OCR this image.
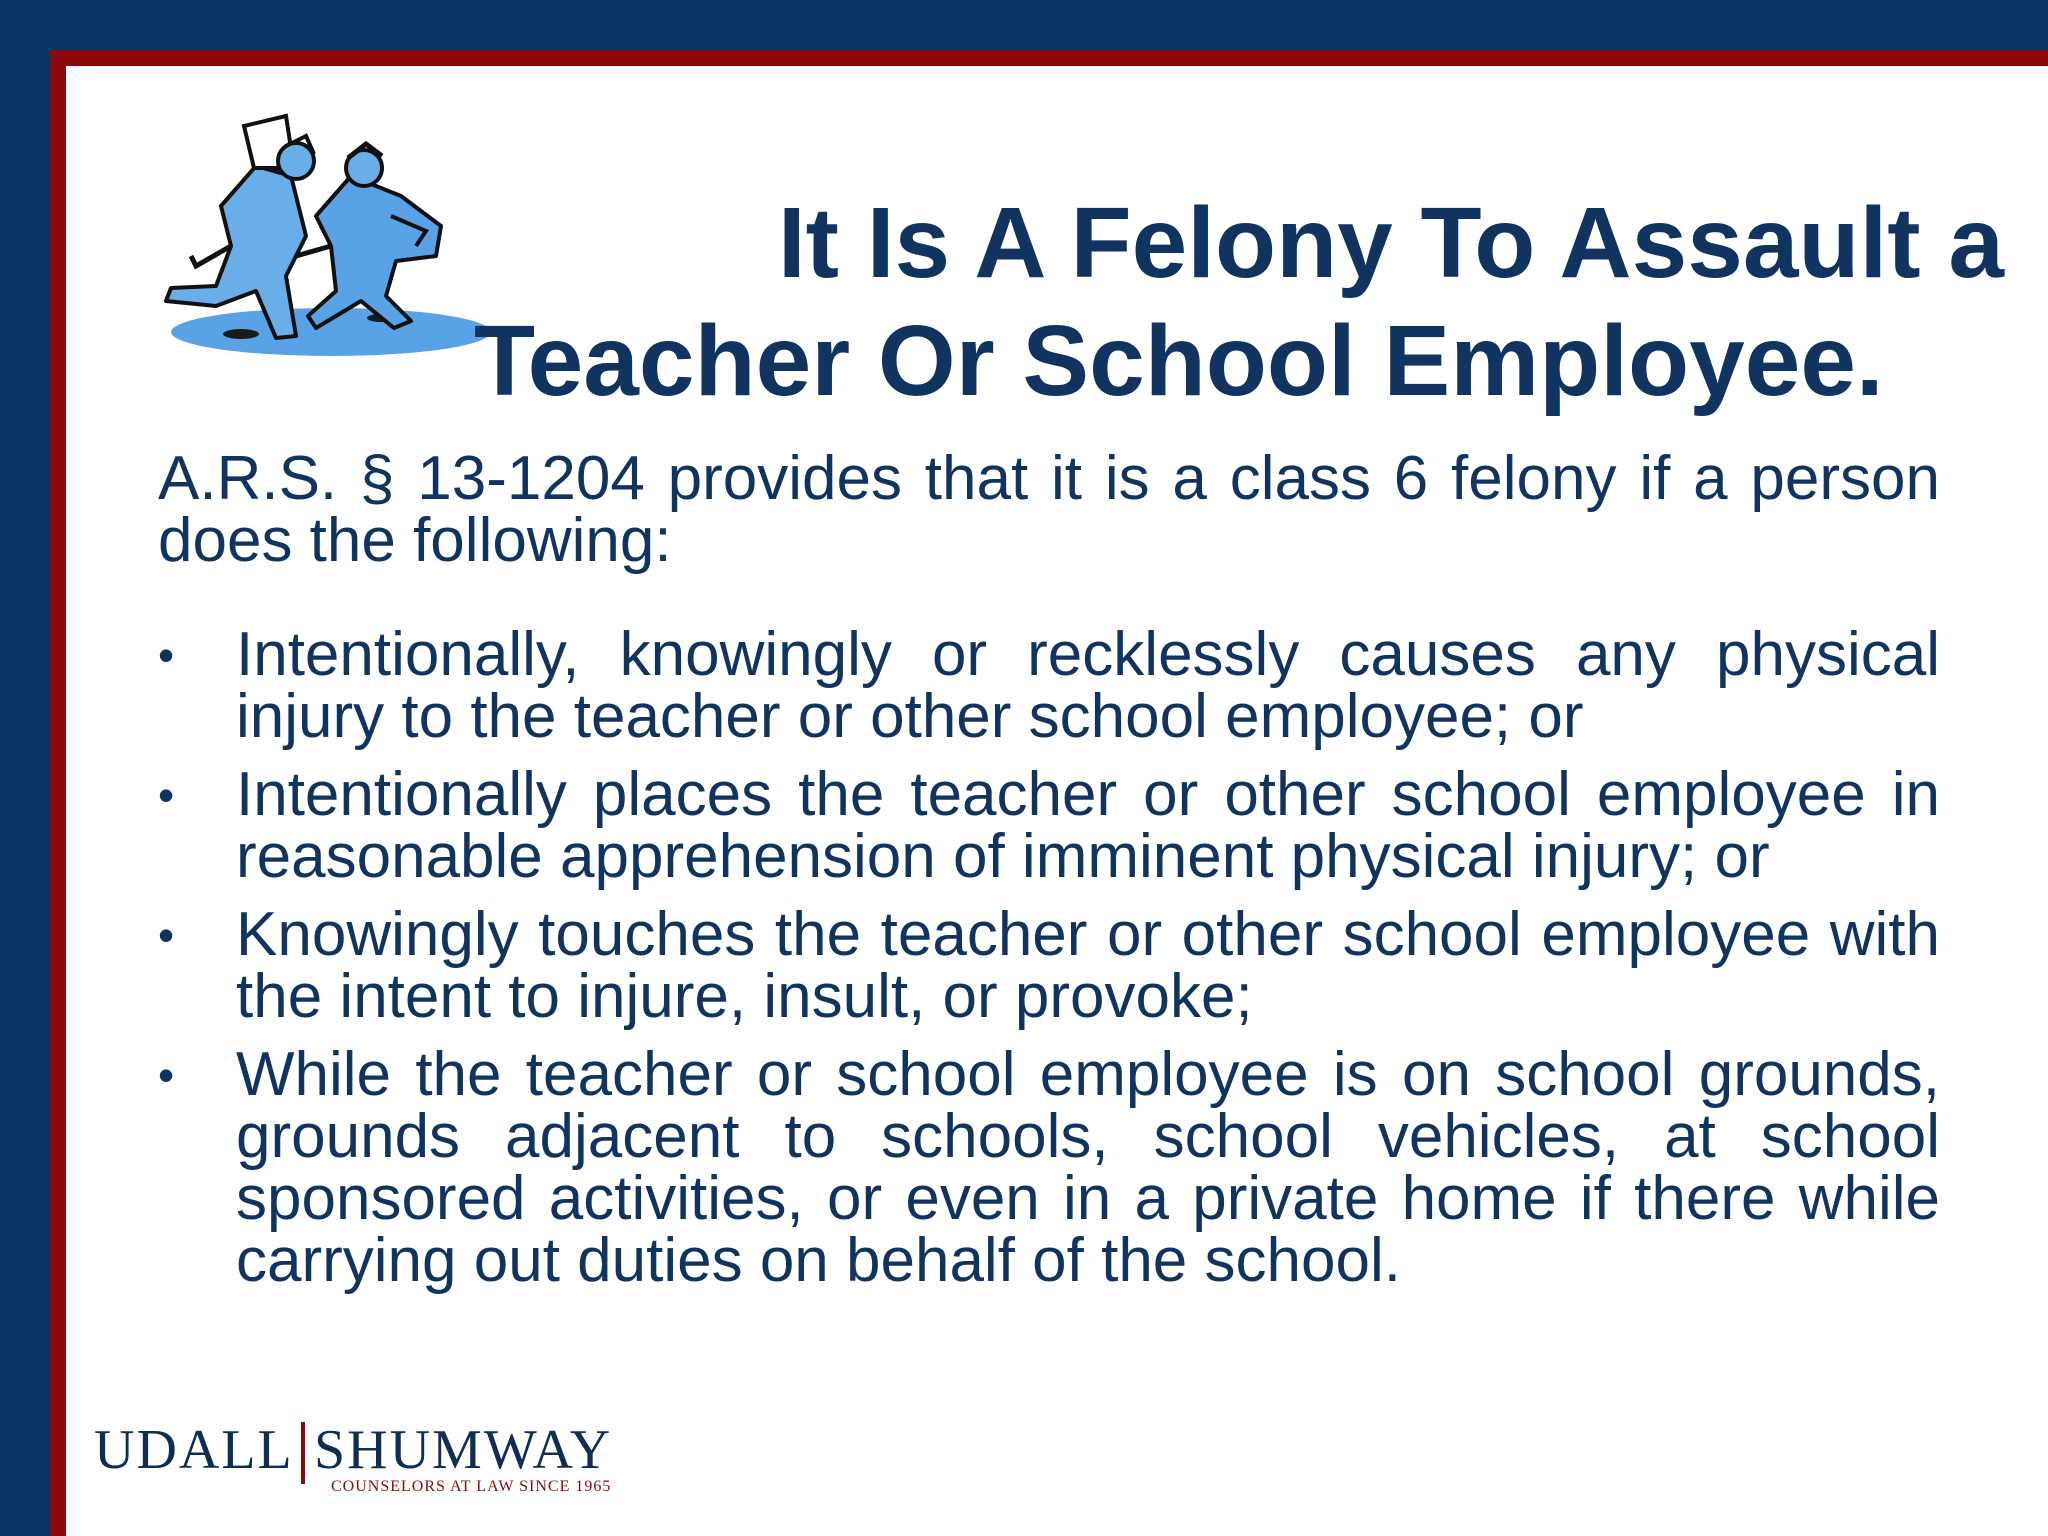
It Is A Felony To Assault a
Teacher Or School Employee.

A.R.S. § 13-1204 provides that it is a class 6 felony if a person does the following:

• Intentionally, knowingly or recklessly causes any physical injury to the teacher or other school employee; or
• Intentionally places the teacher or other school employee in reasonable apprehension of imminent physical injury; or
• Knowingly touches the teacher or other school employee with the intent to injure, insult, or provoke;
• While the teacher or school employee is on school grounds, grounds adjacent to schools, school vehicles, at school sponsored activities, or even in a private home if there while carrying out duties on behalf of the school.
UDALL SHUMWAY
COUNSELORS AT LAW SINCE 1965
